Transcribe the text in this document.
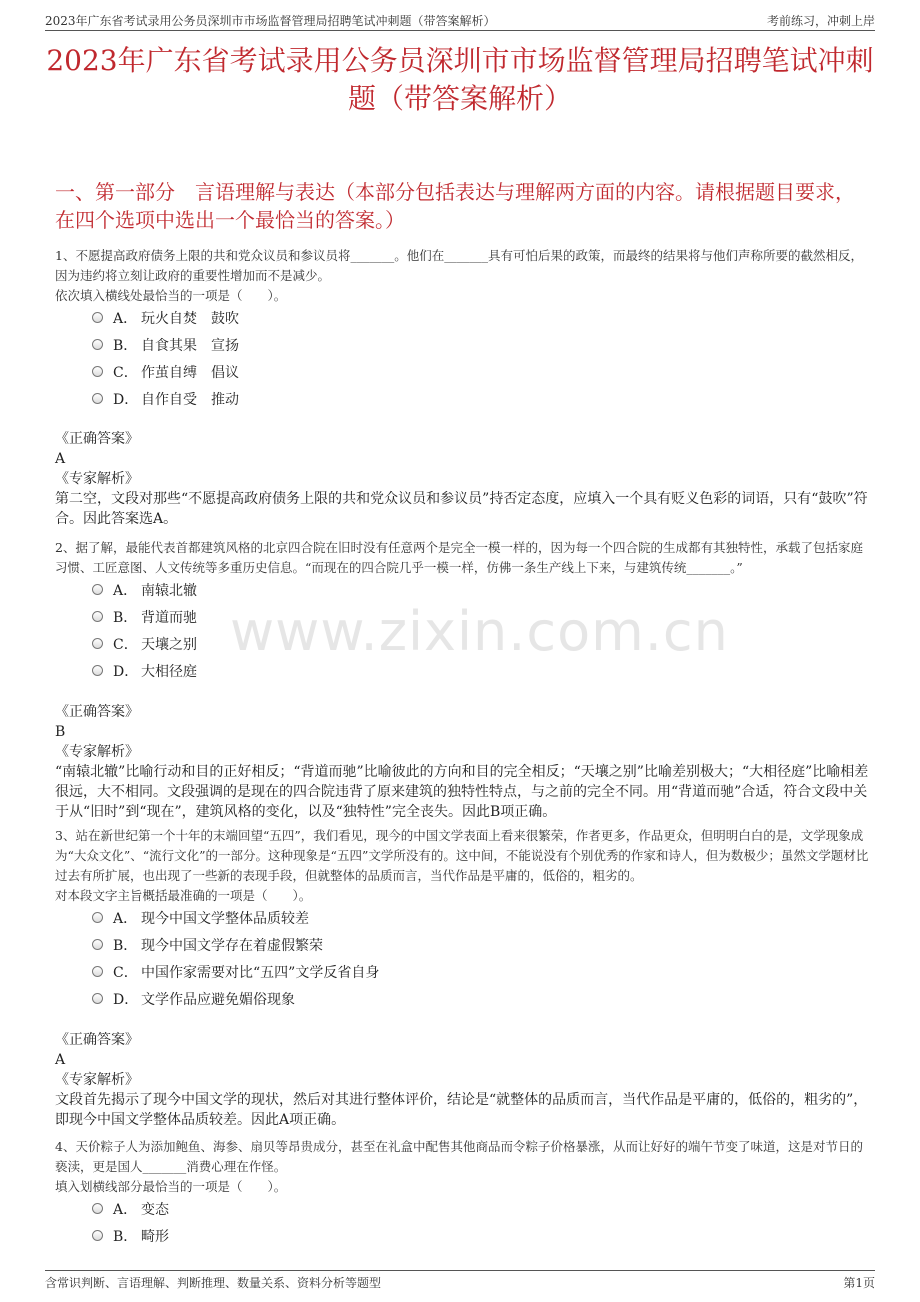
2023年广东省考试录用公务员深圳市市场监督管理局招聘笔试冲刺题（带答案解析）	考前练习，冲刺上岸
2023年广东省考试录用公务员深圳市市场监督管理局招聘笔试冲刺题（带答案解析）
一、第一部分　言语理解与表达（本部分包括表达与理解两方面的内容。请根据题目要求，在四个选项中选出一个最恰当的答案。）
www.zixin.com.cn
1、不愿提高政府债务上限的共和党众议员和参议员将_______。他们在_______具有可怕后果的政策，而最终的结果将与他们声称所要的截然相反，因为违约将立刻让政府的重要性增加而不是减少。
依次填入横线处最恰当的一项是（　　）。
A． 玩火自焚　鼓吹
B． 自食其果　宣扬
C． 作茧自缚　倡议
D． 自作自受　推动

《正确答案》

A

《专家解析》

第二空，文段对那些“不愿提高政府债务上限的共和党众议员和参议员”持否定态度，应填入一个具有贬义色彩的词语，只有“鼓吹”符合。因此答案选A。

2、据了解，最能代表首都建筑风格的北京四合院在旧时没有任意两个是完全一模一样的，因为每一个四合院的生成都有其独特性，承载了包括家庭习惯、工匠意图、人文传统等多重历史信息。“而现在的四合院几乎一模一样，仿佛一条生产线上下来，与建筑传统_______。”
A． 南辕北辙
B． 背道而驰
C． 天壤之别
D． 大相径庭

《正确答案》

B

《专家解析》

“南辕北辙”比喻行动和目的正好相反；“背道而驰”比喻彼此的方向和目的完全相反；“天壤之别”比喻差别极大；“大相径庭”比喻相差很远，大不相同。文段强调的是现在的四合院违背了原来建筑的独特性特点，与之前的完全不同。用“背道而驰”合适，符合文段中关于从“旧时”到“现在”，建筑风格的变化，以及“独特性”完全丧失。因此B项正确。

3、站在新世纪第一个十年的末端回望“五四”，我们看见，现今的中国文学表面上看来很繁荣，作者更多，作品更众，但明明白白的是，文学现象成为“大众文化”、“流行文化”的一部分。这种现象是“五四”文学所没有的。这中间，不能说没有个别优秀的作家和诗人，但为数极少；虽然文学题材比过去有所扩展，也出现了一些新的表现手段，但就整体的品质而言，当代作品是平庸的，低俗的，粗劣的。
对本段文字主旨概括最准确的一项是（　　）。
A． 现今中国文学整体品质较差
B． 现今中国文学存在着虚假繁荣
C． 中国作家需要对比“五四”文学反省自身
D． 文学作品应避免媚俗现象

《正确答案》

A

《专家解析》

文段首先揭示了现今中国文学的现状，然后对其进行整体评价，结论是“就整体的品质而言，当代作品是平庸的，低俗的，粗劣的”，即现今中国文学整体品质较差。因此A项正确。

4、天价粽子人为添加鲍鱼、海参、扇贝等昂贵成分，甚至在礼盒中配售其他商品而令粽子价格暴涨，从而让好好的端午节变了味道，这是对节日的亵渎，更是国人_______消费心理在作怪。
填入划横线部分最恰当的一项是（　　）。
A． 变态
B． 畸形
含常识判断、言语理解、判断推理、数量关系、资料分析等题型	第1页
